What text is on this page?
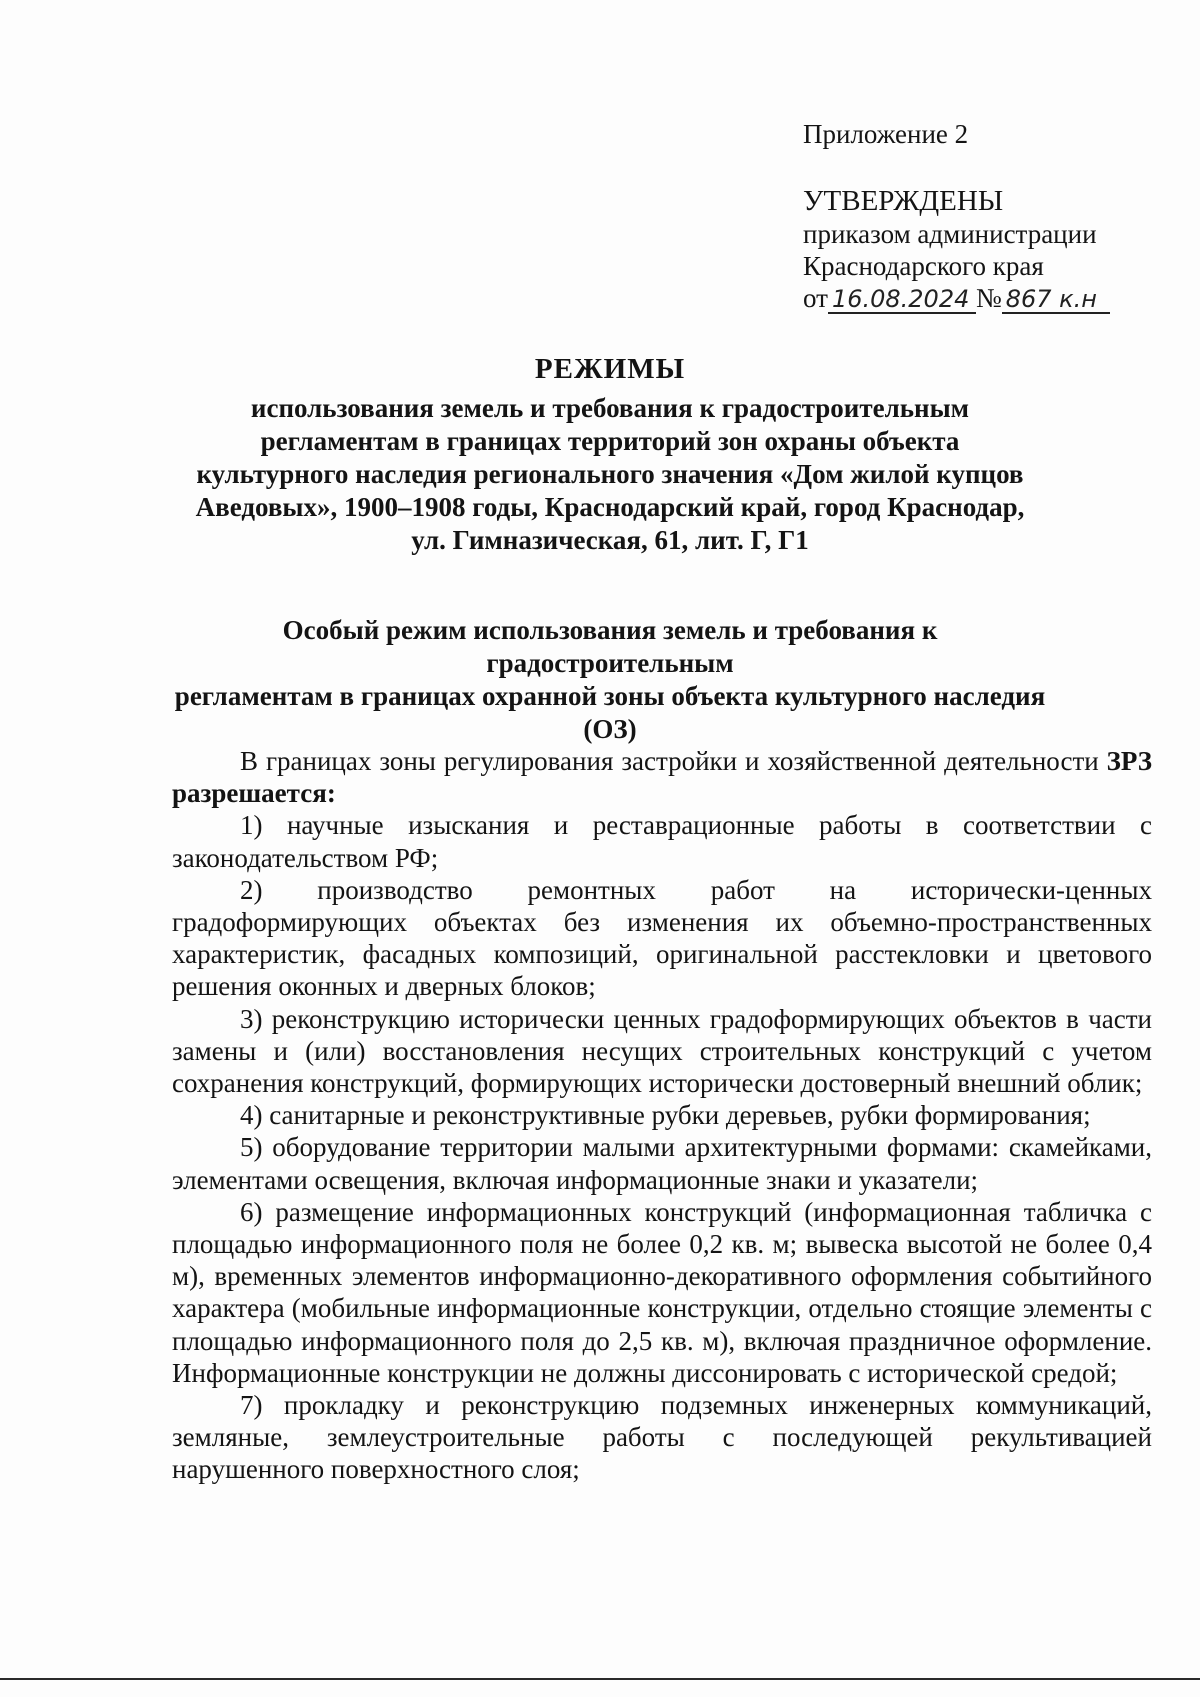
Приложение 2

УТВЕРЖДЕНЫ

приказом администрации

Краснодарского края

от 16.08.2024 № 867 к.н

РЕЖИМЫ

использования земель и требования к градостроительным

регламентам в границах территорий зон охраны объекта

культурного наследия регионального значения «Дом жилой купцов

Аведовых», 1900–1908 годы, Краснодарский край, город Краснодар,

ул. Гимназическая, 61, лит. Г, Г1

Особый режим использования земель и требования к градостроительным
регламентам в границах охранной зоны объекта культурного наследия
(ОЗ)

В границах зоны регулирования застройки и хозяйственной деятельности ЗРЗ разрешается:

1) научные изыскания и реставрационные работы в соответствии с законодательством РФ;

2) производство ремонтных работ на исторически-ценных градоформирующих объектах без изменения их объемно-пространственных характеристик, фасадных композиций, оригинальной расстекловки и цветового решения оконных и дверных блоков;

3) реконструкцию исторически ценных градоформирующих объектов в части замены и (или) восстановления несущих строительных конструкций с учетом сохранения конструкций, формирующих исторически достоверный внешний облик;

4) санитарные и реконструктивные рубки деревьев, рубки формирования;

5) оборудование территории малыми архитектурными формами: скамейками, элементами освещения, включая информационные знаки и указатели;

6) размещение информационных конструкций (информационная табличка с площадью информационного поля не более 0,2 кв. м; вывеска высотой не более 0,4 м), временных элементов информационно-декоративного оформления событийного характера (мобильные информационные конструкции, отдельно стоящие элементы с площадью информационного поля до 2,5 кв. м), включая праздничное оформление. Информационные конструкции не должны диссонировать с исторической средой;

7) прокладку и реконструкцию подземных инженерных коммуникаций, земляные, землеустроительные работы с последующей рекультивацией нарушенного поверхностного слоя;
